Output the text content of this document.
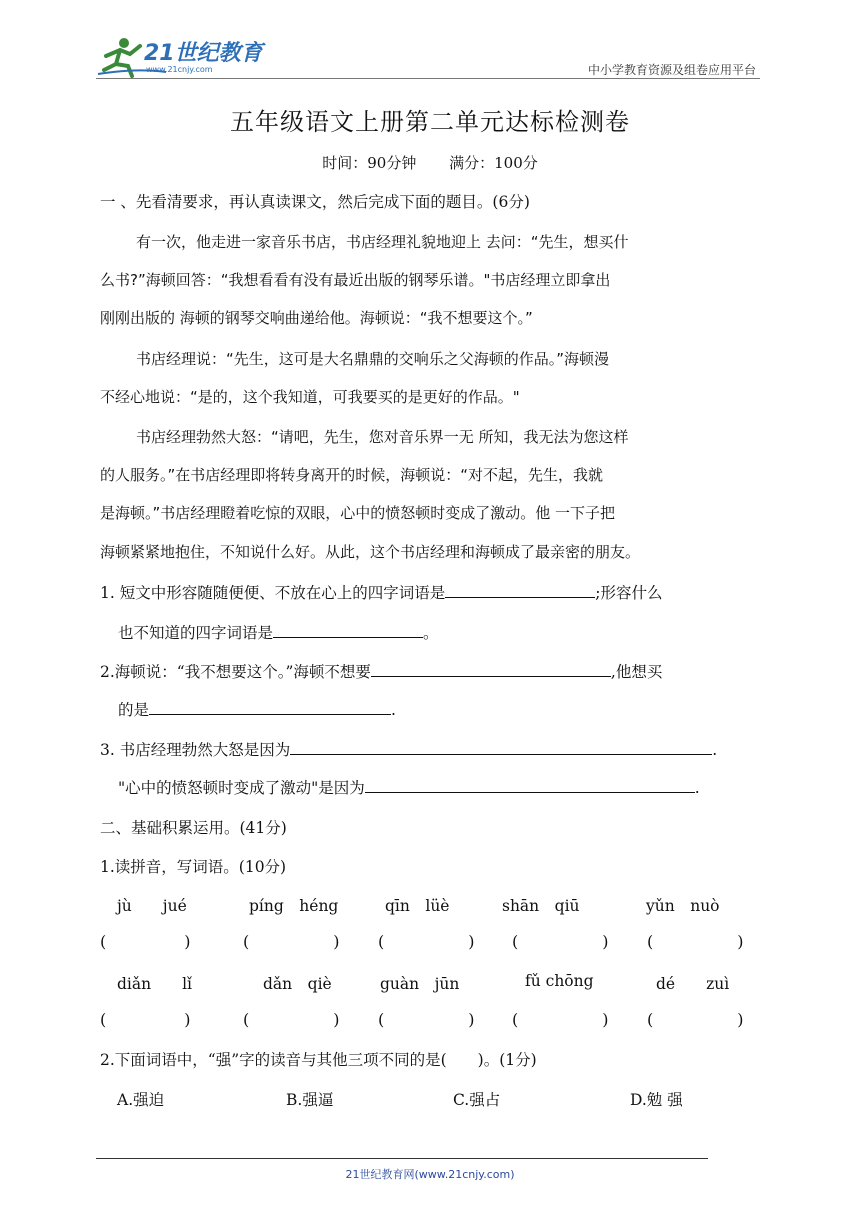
21世纪教育
www.21cnjy.com	中小学教育资源及组卷应用平台
五年级语文上册第二单元达标检测卷
时间：90分钟 满分：100分
一 、先看清要求，再认真读课文，然后完成下面的题目。(6分)
有一次，他走进一家音乐书店，书店经理礼貌地迎上 去问：“先生，想买什
么书?”海顿回答：“我想看看有没有最近出版的钢琴乐谱。"书店经理立即拿出
刚刚出版的 海顿的钢琴交响曲递给他。海顿说：“我不想要这个。”
书店经理说：“先生，这可是大名鼎鼎的交响乐之父海顿的作品。”海顿漫
不经心地说：“是的，这个我知道，可我要买的是更好的作品。"
书店经理勃然大怒：“请吧，先生，您对音乐界一无 所知，我无法为您这样
的人服务。”在书店经理即将转身离开的时候，海顿说：“对不起，先生，我就
是海顿。”书店经理瞪着吃惊的双眼，心中的愤怒顿时变成了激动。他 一下子把
海顿紧紧地抱住，不知说什么好。从此，这个书店经理和海顿成了最亲密的朋友。
1. 短文中形容随随便便、不放在心上的四字词语是	;形容什么
也不知道的四字词语是	。
2.海顿说：“我不想要这个。”海顿不想要	,他想买
的是	.
3. 书店经理勃然大怒是因为	.
"心中的愤怒顿时变成了激动"是因为	.
二、基础积累运用。(41分)
1.读拼音，写词语。(10分)
jù　　jué	píng　héng	qīn　lüè	shān　qiū	yǔn　nuò
(	)	(	) (	) (	) (	)
diǎn　　lǐ	dǎn　qiè	guàn　jūn	fǔ chōng	dé　　zuì
(	)	(	) (	) (	) (	)
2.下面词语中，“强”字的读音与其他三项不同的是(　　)。(1分)
A.强迫	B.强逼	C.强占	D.勉 强
21世纪教育网(www.21cnjy.com)
